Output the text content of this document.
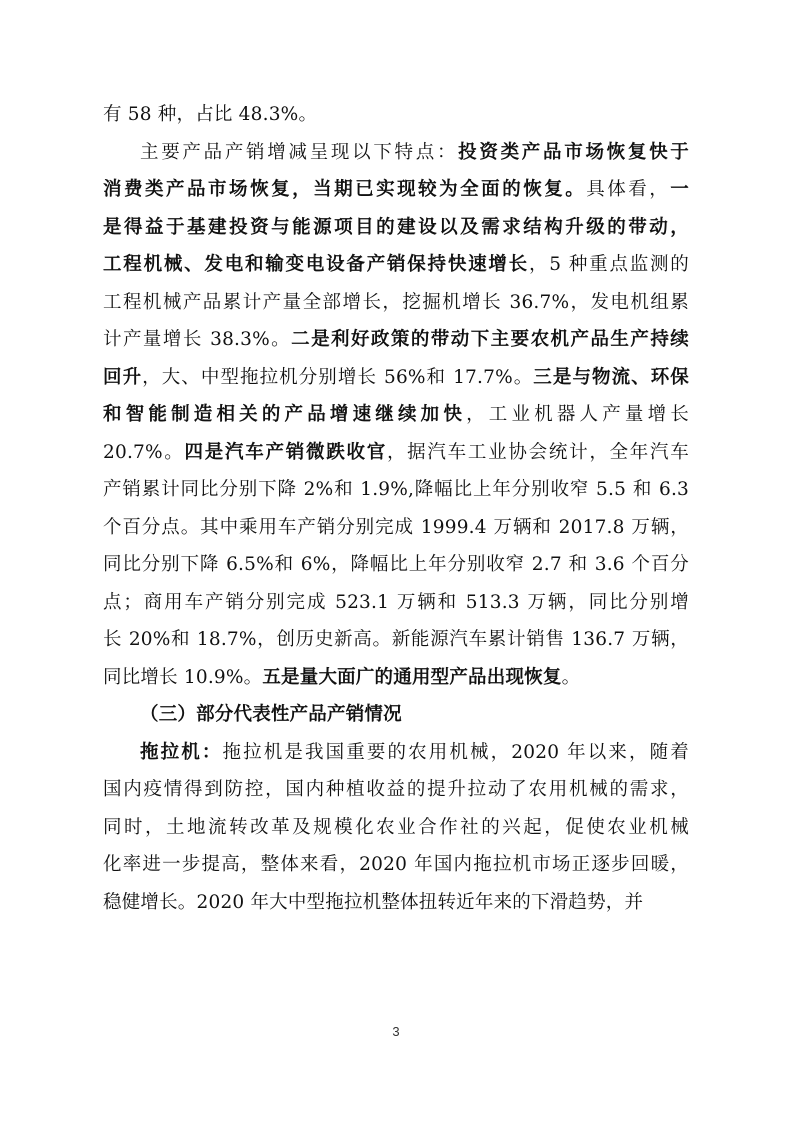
有 58 种，占比 48.3%。
主要产品产销增减呈现以下特点：投资类产品市场恢复快于
消费类产品市场恢复，当期已实现较为全面的恢复。具体看，一
是得益于基建投资与能源项目的建设以及需求结构升级的带动，
工程机械、发电和输变电设备产销保持快速增长，5 种重点监测的
工程机械产品累计产量全部增长，挖掘机增长 36.7%，发电机组累
计产量增长 38.3%。二是利好政策的带动下主要农机产品生产持续
回升，大、中型拖拉机分别增长 56%和 17.7%。三是与物流、环保
和智能制造相关的产品增速继续加快，工业机器人产量增长
20.7%。四是汽车产销微跌收官，据汽车工业协会统计，全年汽车
产销累计同比分别下降 2%和 1.9%,降幅比上年分别收窄 5.5 和 6.3
个百分点。其中乘用车产销分别完成 1999.4 万辆和 2017.8 万辆，
同比分别下降 6.5%和 6%，降幅比上年分别收窄 2.7 和 3.6 个百分
点；商用车产销分别完成 523.1 万辆和 513.3 万辆，同比分别增
长 20%和 18.7%，创历史新高。新能源汽车累计销售 136.7 万辆，
同比增长 10.9%。五是量大面广的通用型产品出现恢复。
（三）部分代表性产品产销情况
拖拉机：拖拉机是我国重要的农用机械，2020 年以来，随着
国内疫情得到防控，国内种植收益的提升拉动了农用机械的需求，
同时，土地流转改革及规模化农业合作社的兴起，促使农业机械
化率进一步提高，整体来看，2020 年国内拖拉机市场正逐步回暖，
稳健增长。2020 年大中型拖拉机整体扭转近年来的下滑趋势，并
3
